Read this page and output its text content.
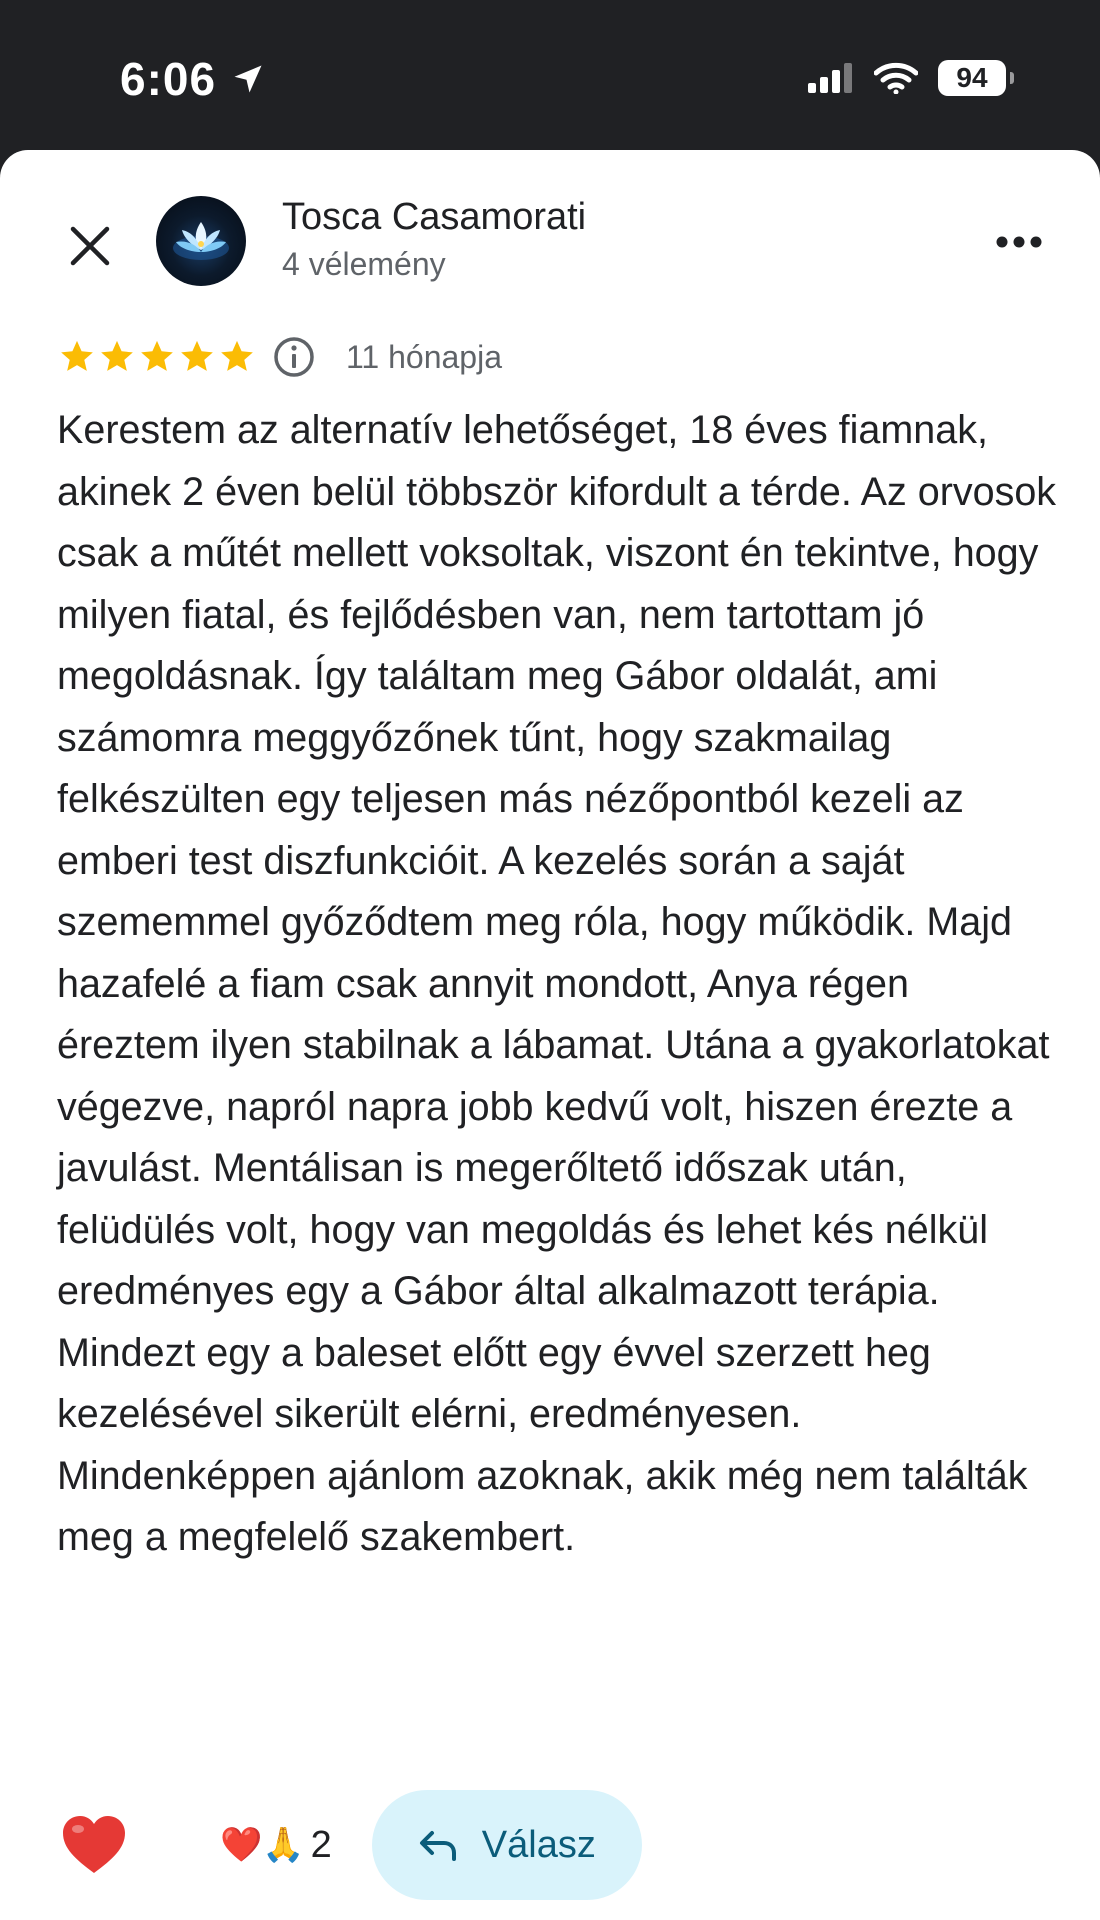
6:06	94
Tosca Casamorati
4 vélemény
11 hónapja

Kerestem az alternatív lehetőséget, 18 éves fiamnak, akinek 2 éven belül többször kifordult a térde. Az orvosok csak a műtét mellett voksoltak, viszont én tekintve, hogy milyen fiatal, és fejlődésben van, nem tartottam jó megoldásnak. Így találtam meg Gábor oldalát, ami számomra meggyőzőnek tűnt, hogy szakmailag felkészülten egy teljesen más nézőpontból kezeli az emberi test diszfunkcióit. A kezelés során a saját szememmel győződtem meg róla, hogy működik. Majd hazafelé a fiam csak annyit mondott, Anya régen éreztem ilyen stabilnak a lábamat. Utána a gyakorlatokat végezve, napról napra jobb kedvű volt, hiszen érezte a javulást. Mentálisan is megerőltető időszak után, felüdülés volt, hogy van megoldás és lehet kés nélkül eredményes egy a Gábor által alkalmazott terápia. Mindezt egy a baleset előtt egy évvel szerzett heg kezelésével sikerült elérni, eredményesen.
Mindenképpen ajánlom azoknak, akik még nem találták meg a megfelelő szakembert.

❤️🙏 2	Válasz
